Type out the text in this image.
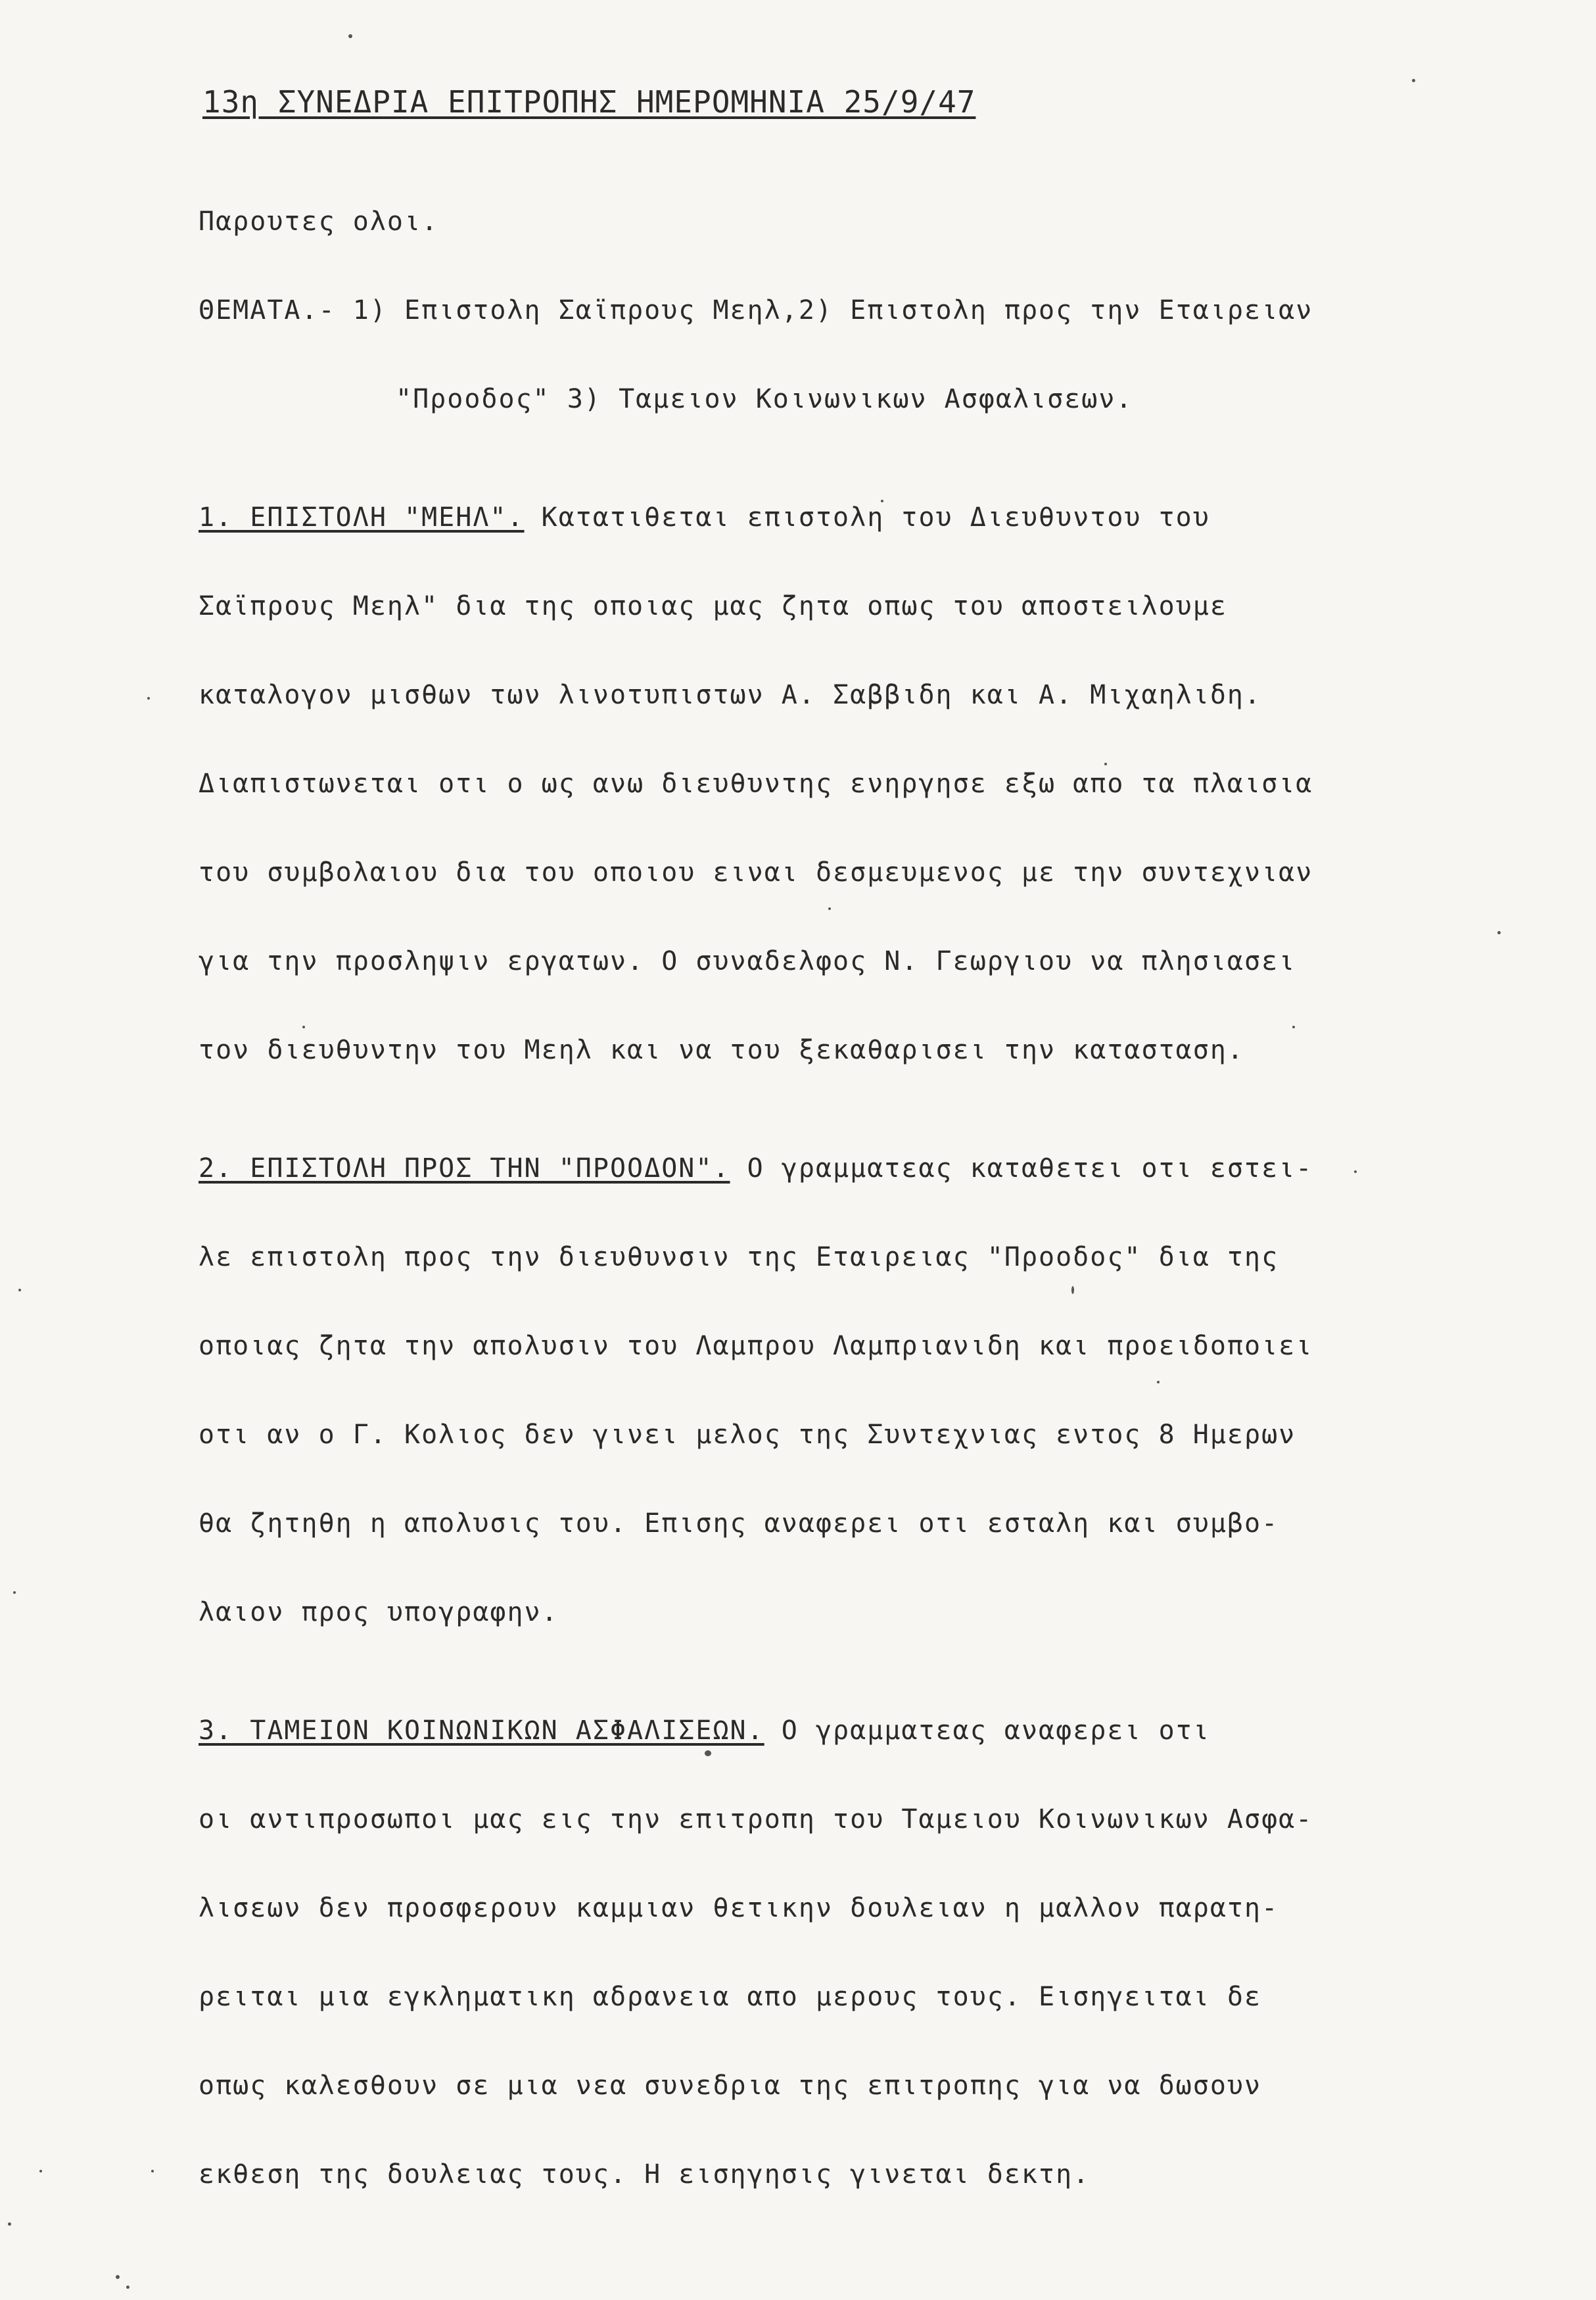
13η ΣΥΝΕΔΡΙΑ ΕΠΙΤΡΟΠΗΣ ΗΜΕΡΟΜΗΝΙΑ 25/9/47

Παρουτες ολοι.

ΘΕΜΑΤΑ.- 1) Επιστολη Σαϊπρους Μεηλ,2) Επιστολη προς την Εταιρειαν

"Προοδος" 3) Ταμειον Κοινωνικων Ασφαλισεων.

1. ΕΠΙΣΤΟΛΗ "ΜΕΗΛ". Κατατιθεται επιστολη του Διευθυντου του

Σαϊπρους Μεηλ" δια της οποιας μας ζητα οπως του αποστειλουμε

καταλογον μισθων των λινοτυπιστων Α. Σαββιδη και Α. Μιχαηλιδη.

Διαπιστωνεται οτι ο ως ανω διευθυντης ενηργησε εξω απο τα πλαισια

του συμβολαιου δια του οποιου ειναι δεσμευμενος με την συντεχνιαν

για την προσληψιν εργατων. Ο συναδελφος Ν. Γεωργιου να πλησιασει

τον διευθυντην του Μεηλ και να του ξεκαθαρισει την κατασταση.

2. ΕΠΙΣΤΟΛΗ ΠΡΟΣ ΤΗΝ "ΠΡΟΟΔΟΝ". Ο γραμματεας καταθετει οτι εστει-

λε επιστολη προς την διευθυνσιν της Εταιρειας "Προοδος" δια της

οποιας ζητα την απολυσιν του Λαμπρου Λαμπριανιδη και προειδοποιει

οτι αν ο Γ. Κολιος δεν γινει μελος της Συντεχνιας εντος 8 Ημερων

θα ζητηθη η απολυσις του. Επισης αναφερει οτι εσταλη και συμβο-

λαιον προς υπογραφην.

3. ΤΑΜΕΙΟΝ ΚΟΙΝΩΝΙΚΩΝ ΑΣΦΑΛΙΣΕΩΝ. Ο γραμματεας αναφερει οτι

οι αντιπροσωποι μας εις την επιτροπη του Ταμειου Κοινωνικων Ασφα-

λισεων δεν προσφερουν καμμιαν θετικην δουλειαν η μαλλον παρατη-

ρειται μια εγκληματικη αδρανεια απο μερους τους. Εισηγειται δε

οπως καλεσθουν σε μια νεα συνεδρια της επιτροπης για να δωσουν

εκθεση της δουλειας τους. Η εισηγησις γινεται δεκτη.
